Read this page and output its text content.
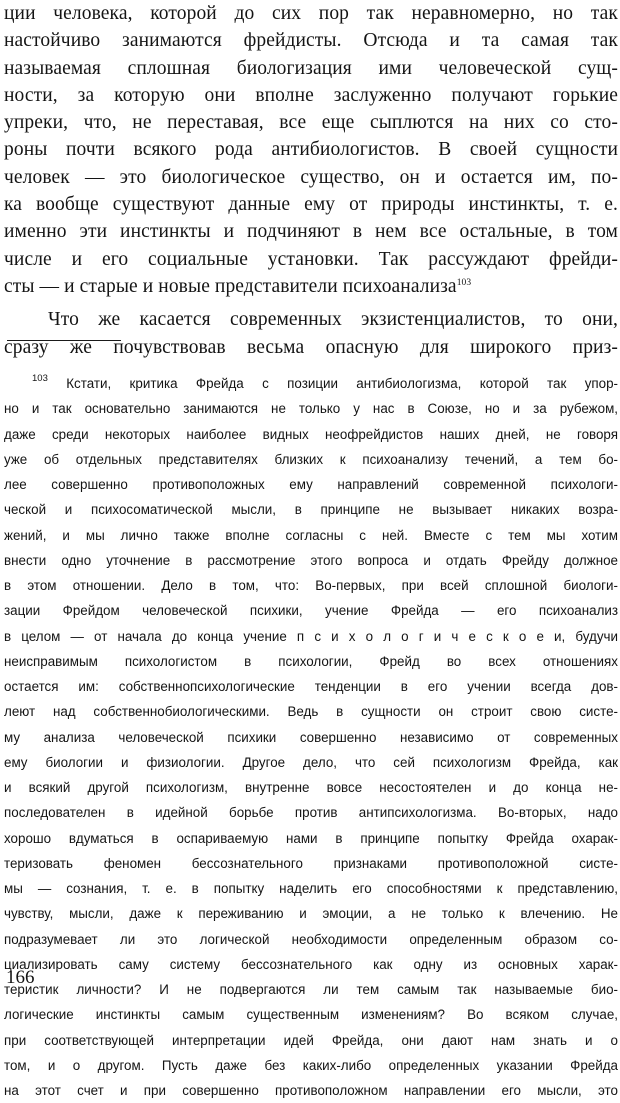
ции человека, которой до сих пор так неравномерно, но так
настойчиво занимаются фрейдисты. Отсюда и та самая так
называемая сплошная биологизация ими человеческой сущ-
ности, за которую они вполне заслуженно получают горькие
упреки, что, не переставая, все еще сыплются на них со сто-
роны почти всякого рода антибиологистов. В своей сущности
человек — это биологическое существо, он и остается им, по-
ка вообще существуют данные ему от природы инстинкты, т. е.
именно эти инстинкты и подчиняют в нем все остальные, в том
числе и его социальные установки. Так рассуждают фрейди-
сты — и старые и новые представители психоанализа$^{103}$
Что же касается современных экзистенциалистов, то они,
сразу же почувствовав весьма опасную для широкого приз-
$^{103}$ Кстати, критика Фрейда с позиции антибиологизма, которой так упор-
но и так основательно занимаются не только у нас в Союзе, но и за рубежом,
даже среди некоторых наиболее видных неофрейдистов наших дней, не говоря
уже об отдельных представителях близких к психоанализу течений, а тем бо-
лее совершенно противоположных ему направлений современной психологи-
ческой и психосоматической мысли, в принципе не вызывает никаких возра-
жений, и мы лично также вполне согласны с ней. Вместе с тем мы хотим
внести одно уточнение в рассмотрение этого вопроса и отдать Фрейду должное
в этом отношении. Дело в том, что: Во-первых, при всей сплошной биологи-
зации Фрейдом человеческой психики, учение Фрейда — его психоанализ
в целом — от начала до конца учение п с и х о л о г и ч е с к о е и, будучи
неисправимым психологистом в психологии, Фрейд во всех отношениях
остается им: собственнопсихологические тенденции в его учении всегда дов-
леют над собственнобиологическими. Ведь в сущности он строит свою систе-
му анализа человеческой психики совершенно независимо от современных
ему биологии и физиологии. Другое дело, что сей психологизм Фрейда, как
и всякий другой психологизм, внутренне вовсе несостоятелен и до конца не-
последователен в идейной борьбе против антипсихологизма. Во-вторых, надо
хорошо вдуматься в оспариваемую нами в принципе попытку Фрейда охарак-
теризовать феномен бессознательного признаками противоположной систе-
мы — сознания, т. е. в попытку наделить его способностями к представлению,
чувству, мысли, даже к переживанию и эмоции, а не только к влечению. Не
подразумевает ли это логической необходимости определенным образом со-
циализировать саму систему бессознательного как одну из основных харак-
теристик личности? И не подвергаются ли тем самым так называемые био-
логические инстинкты самым существенным изменениям? Во всяком случае,
при соответствующей интерпретации идей Фрейда, они дают нам знать и о
том, и о другом. Пусть даже без каких-либо определенных указании Фрейда
на этот счет и при совершенно противоположном направлении его мысли, это
166
